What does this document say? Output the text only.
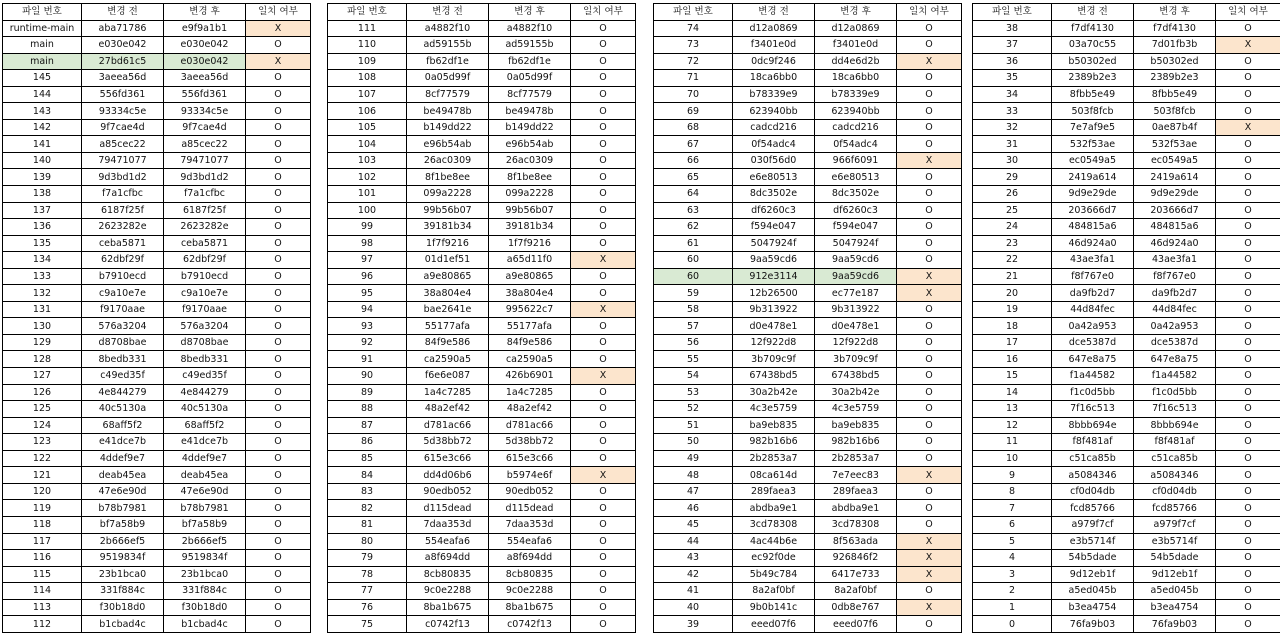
파일 번호	변경 전	변경 후	일치 여부
runtime-main	aba71786	e9f9a1b1	X
main	e030e042	e030e042	O
main	27bd61c5	e030e042	X
145	3aeea56d	3aeea56d	O
144	556fd361	556fd361	O
143	93334c5e	93334c5e	O
142	9f7cae4d	9f7cae4d	O
141	a85cec22	a85cec22	O
140	79471077	79471077	O
139	9d3bd1d2	9d3bd1d2	O
138	f7a1cfbc	f7a1cfbc	O
137	6187f25f	6187f25f	O
136	2623282e	2623282e	O
135	ceba5871	ceba5871	O
134	62dbf29f	62dbf29f	O
133	b7910ecd	b7910ecd	O
132	c9a10e7e	c9a10e7e	O
131	f9170aae	f9170aae	O
130	576a3204	576a3204	O
129	d8708bae	d8708bae	O
128	8bedb331	8bedb331	O
127	c49ed35f	c49ed35f	O
126	4e844279	4e844279	O
125	40c5130a	40c5130a	O
124	68aff5f2	68aff5f2	O
123	e41dce7b	e41dce7b	O
122	4ddef9e7	4ddef9e7	O
121	deab45ea	deab45ea	O
120	47e6e90d	47e6e90d	O
119	b78b7981	b78b7981	O
118	bf7a58b9	bf7a58b9	O
117	2b666ef5	2b666ef5	O
116	9519834f	9519834f	O
115	23b1bca0	23b1bca0	O
114	331f884c	331f884c	O
113	f30b18d0	f30b18d0	O
112	b1cbad4c	b1cbad4c	O
파일 번호	변경 전	변경 후	일치 여부
111	a4882f10	a4882f10	O
110	ad59155b	ad59155b	O
109	fb62df1e	fb62df1e	O
108	0a05d99f	0a05d99f	O
107	8cf77579	8cf77579	O
106	be49478b	be49478b	O
105	b149dd22	b149dd22	O
104	e96b54ab	e96b54ab	O
103	26ac0309	26ac0309	O
102	8f1be8ee	8f1be8ee	O
101	099a2228	099a2228	O
100	99b56b07	99b56b07	O
99	39181b34	39181b34	O
98	1f7f9216	1f7f9216	O
97	01d1ef51	a65d11f0	X
96	a9e80865	a9e80865	O
95	38a804e4	38a804e4	O
94	bae2641e	995622c7	X
93	55177afa	55177afa	O
92	84f9e586	84f9e586	O
91	ca2590a5	ca2590a5	O
90	f6e6e087	426b6901	X
89	1a4c7285	1a4c7285	O
88	48a2ef42	48a2ef42	O
87	d781ac66	d781ac66	O
86	5d38bb72	5d38bb72	O
85	615e3c66	615e3c66	O
84	dd4d06b6	b5974e6f	X
83	90edb052	90edb052	O
82	d115dead	d115dead	O
81	7daa353d	7daa353d	O
80	554eafa6	554eafa6	O
79	a8f694dd	a8f694dd	O
78	8cb80835	8cb80835	O
77	9c0e2288	9c0e2288	O
76	8ba1b675	8ba1b675	O
75	c0742f13	c0742f13	O
파일 번호	변경 전	변경 후	일치 여부
74	d12a0869	d12a0869	O
73	f3401e0d	f3401e0d	O
72	0dc9f246	dd4e6d2b	X
71	18ca6bb0	18ca6bb0	O
70	b78339e9	b78339e9	O
69	623940bb	623940bb	O
68	cadcd216	cadcd216	O
67	0f54adc4	0f54adc4	O
66	030f56d0	966f6091	X
65	e6e80513	e6e80513	O
64	8dc3502e	8dc3502e	O
63	df6260c3	df6260c3	O
62	f594e047	f594e047	O
61	5047924f	5047924f	O
60	9aa59cd6	9aa59cd6	O
60	912e3114	9aa59cd6	X
59	12b26500	ec77e187	X
58	9b313922	9b313922	O
57	d0e478e1	d0e478e1	O
56	12f922d8	12f922d8	O
55	3b709c9f	3b709c9f	O
54	67438bd5	67438bd5	O
53	30a2b42e	30a2b42e	O
52	4c3e5759	4c3e5759	O
51	ba9eb835	ba9eb835	O
50	982b16b6	982b16b6	O
49	2b2853a7	2b2853a7	O
48	08ca614d	7e7eec83	X
47	289faea3	289faea3	O
46	abdba9e1	abdba9e1	O
45	3cd78308	3cd78308	O
44	4ac44b6e	8f563ada	X
43	ec92f0de	926846f2	X
42	5b49c784	6417e733	X
41	8a2af0bf	8a2af0bf	O
40	9b0b141c	0db8e767	X
39	eeed07f6	eeed07f6	O
파일 번호	변경 전	변경 후	일치 여부
38	f7df4130	f7df4130	O
37	03a70c55	7d01fb3b	X
36	b50302ed	b50302ed	O
35	2389b2e3	2389b2e3	O
34	8fbb5e49	8fbb5e49	O
33	503f8fcb	503f8fcb	O
32	7e7af9e5	0ae87b4f	X
31	532f53ae	532f53ae	O
30	ec0549a5	ec0549a5	O
29	2419a614	2419a614	O
26	9d9e29de	9d9e29de	O
25	203666d7	203666d7	O
24	484815a6	484815a6	O
23	46d924a0	46d924a0	O
22	43ae3fa1	43ae3fa1	O
21	f8f767e0	f8f767e0	O
20	da9fb2d7	da9fb2d7	O
19	44d84fec	44d84fec	O
18	0a42a953	0a42a953	O
17	dce5387d	dce5387d	O
16	647e8a75	647e8a75	O
15	f1a44582	f1a44582	O
14	f1c0d5bb	f1c0d5bb	O
13	7f16c513	7f16c513	O
12	8bbb694e	8bbb694e	O
11	f8f481af	f8f481af	O
10	c51ca85b	c51ca85b	O
9	a5084346	a5084346	O
8	cf0d04db	cf0d04db	O
7	fcd85766	fcd85766	O
6	a979f7cf	a979f7cf	O
5	e3b5714f	e3b5714f	O
4	54b5dade	54b5dade	O
3	9d12eb1f	9d12eb1f	O
2	a5ed045b	a5ed045b	O
1	b3ea4754	b3ea4754	O
0	76fa9b03	76fa9b03	O
